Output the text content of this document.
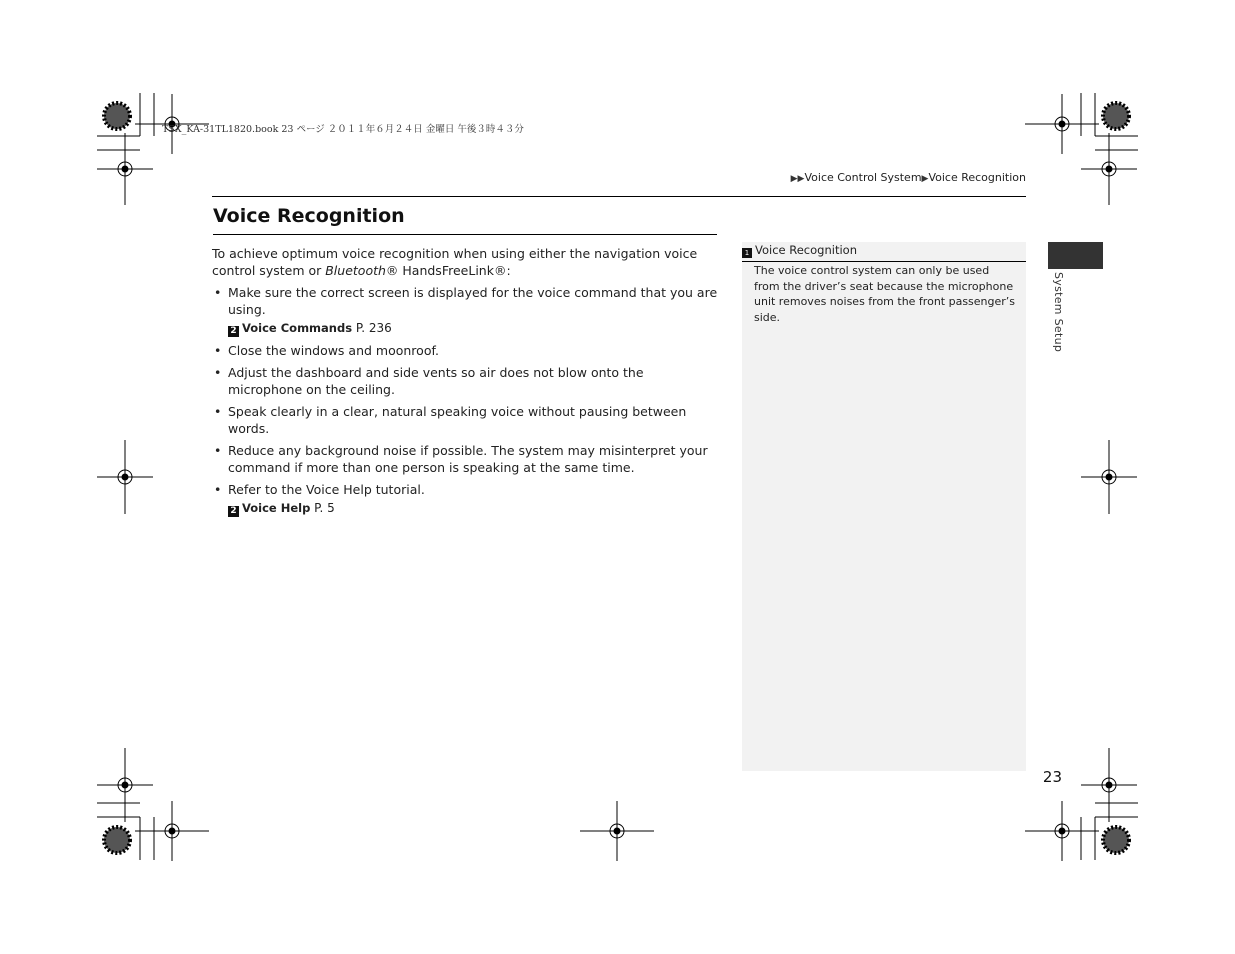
TSX_KA-31TL1820.book 23 ページ ２０１１年６月２４日 金曜日 午後３時４３分
▶▶Voice Control System▶Voice Recognition
Voice Recognition

To achieve optimum voice recognition when using either the navigation voice control system or Bluetooth® HandsFreeLink®:

• Make sure the correct screen is displayed for the voice command that you are using.
2 Voice Commands P. 236
• Close the windows and moonroof.
• Adjust the dashboard and side vents so air does not blow onto the microphone on the ceiling.
• Speak clearly in a clear, natural speaking voice without pausing between words.
• Reduce any background noise if possible. The system may misinterpret your command if more than one person is speaking at the same time.
• Refer to the Voice Help tutorial.
2 Voice Help P. 5
1 Voice Recognition
The voice control system can only be used from the driver’s seat because the microphone unit removes noises from the front passenger’s side.	System Setup
23
